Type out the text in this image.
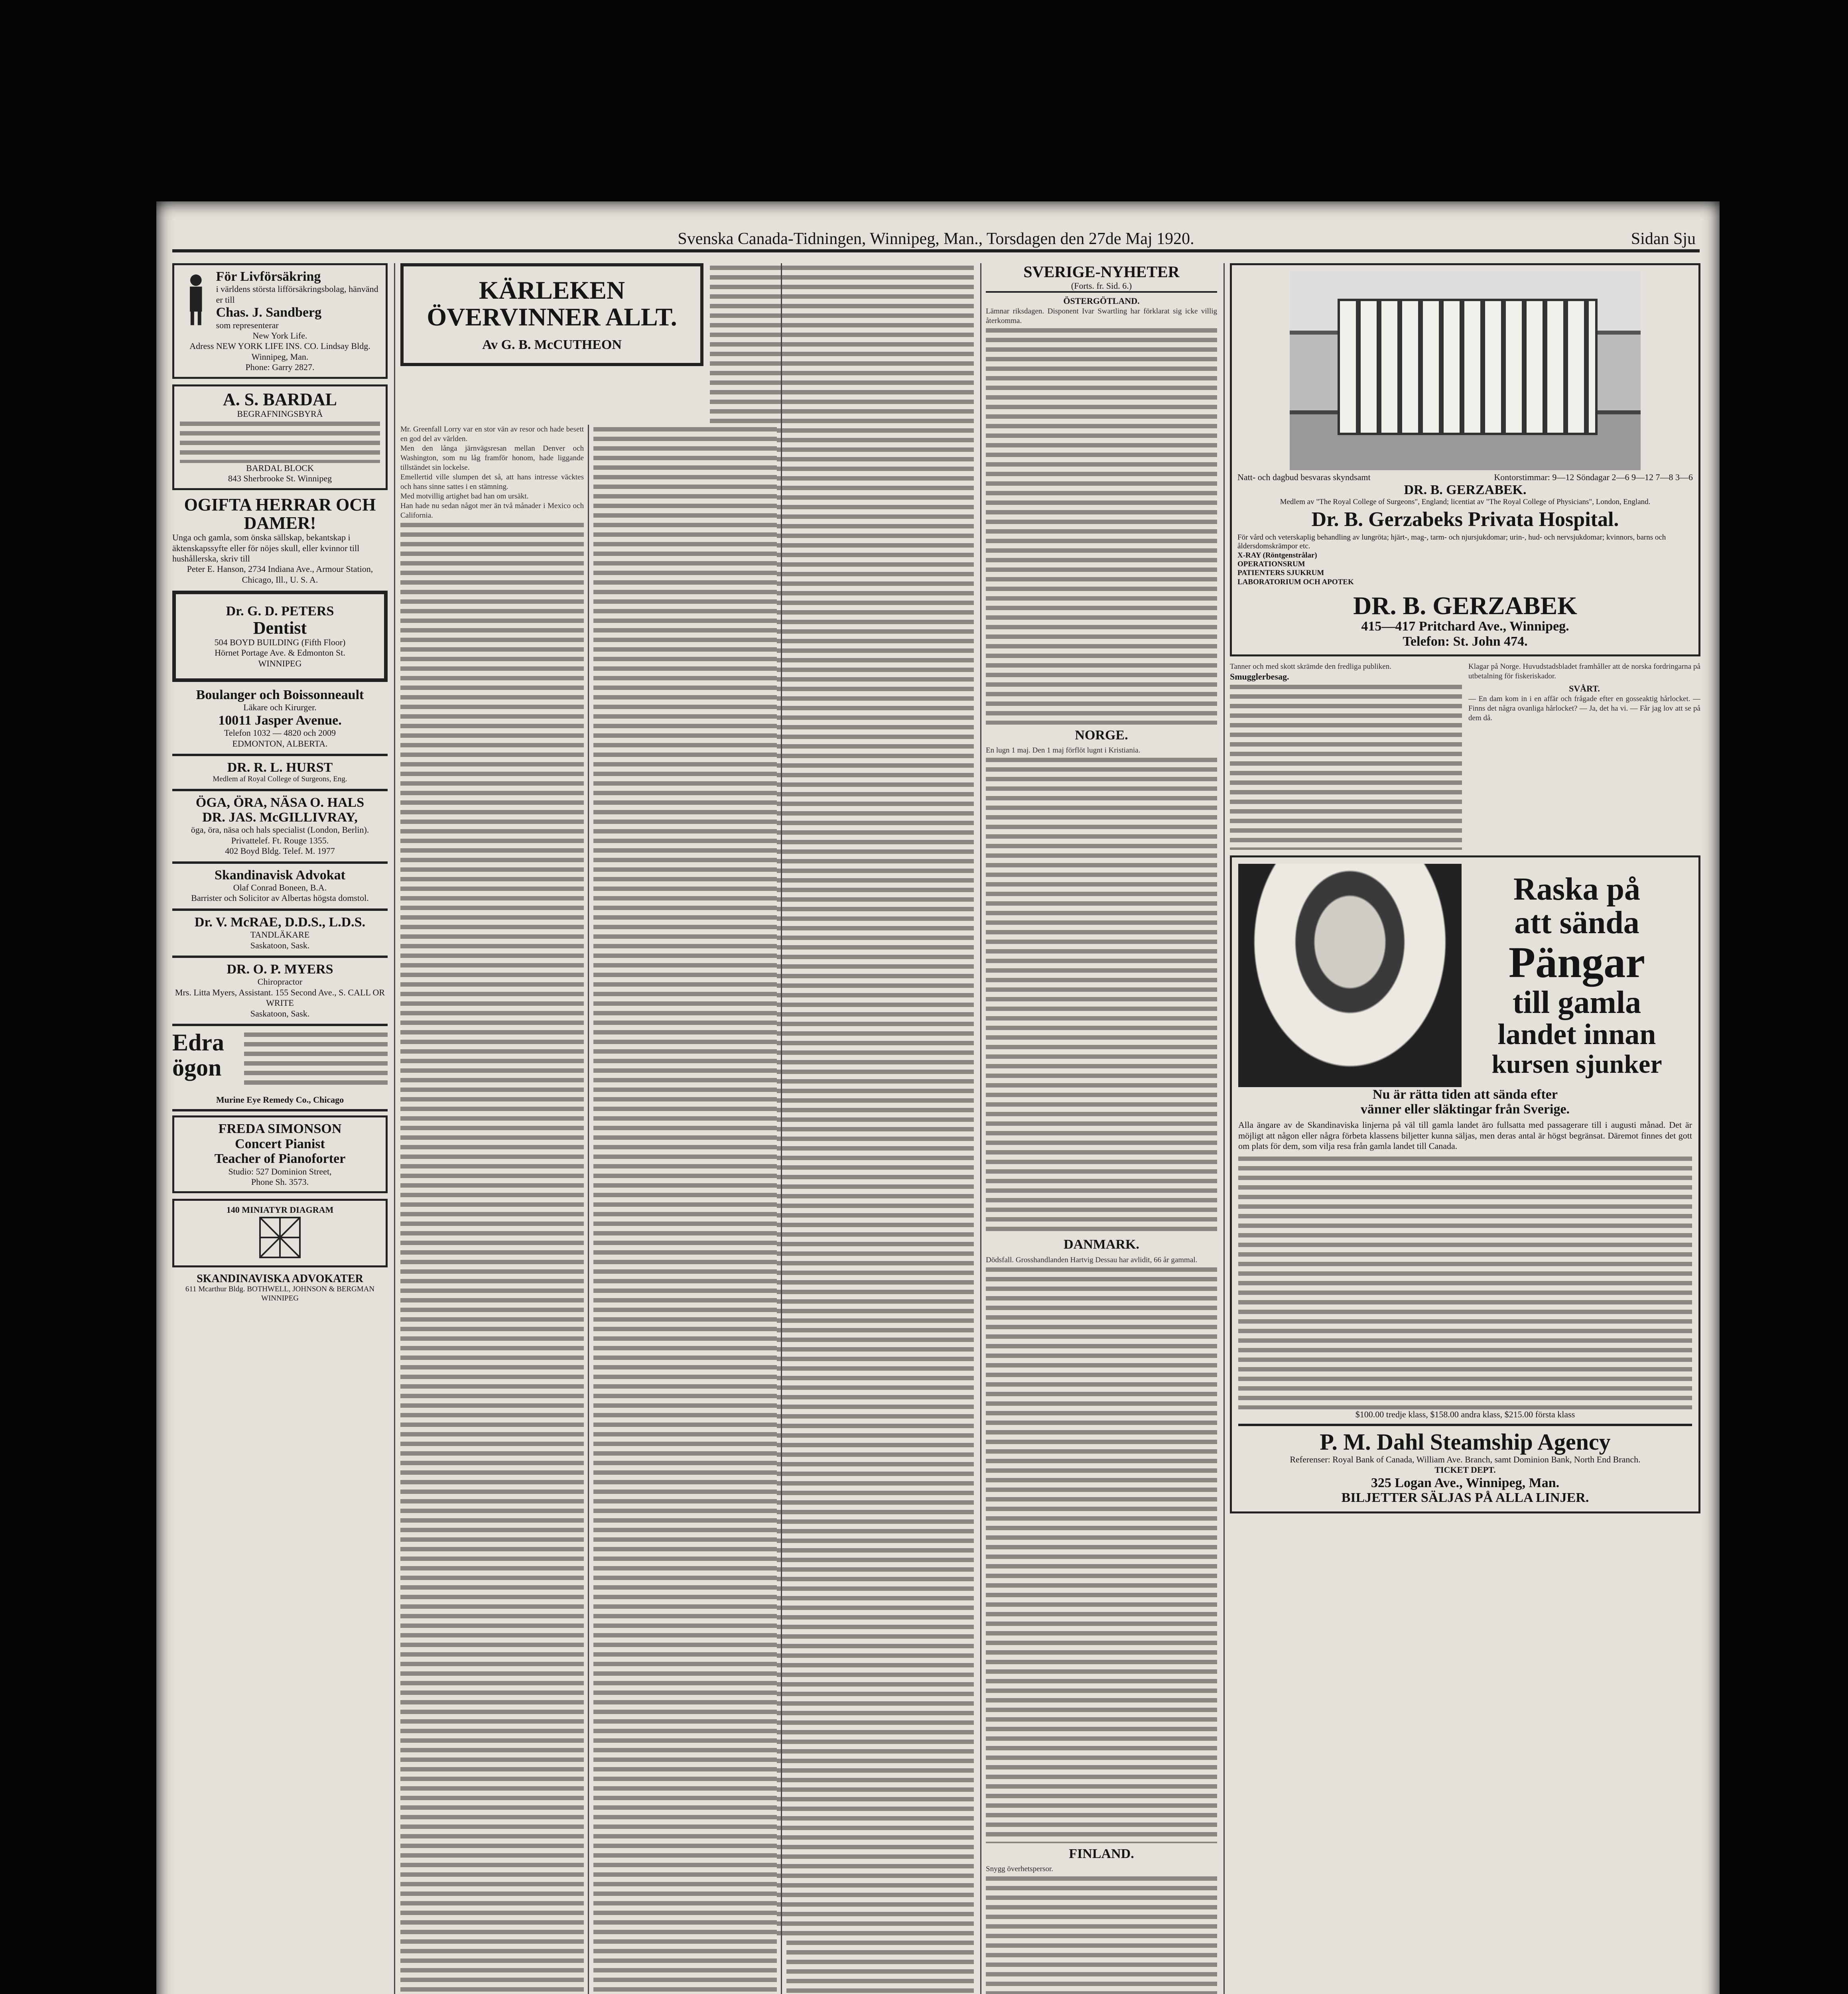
Svenska Canada-Tidningen, Winnipeg, Man., Torsdagen den 27de Maj 1920.	Sidan Sju
För Livförsäkring
i världens största lifförsäkringsbolag, hänvänd er till
Chas. J. Sandberg
som representerar
New York Life.
Adress NEW YORK LIFE INS. CO. Lindsay Bldg. Winnipeg, Man.
Phone: Garry 2827.
A. S. BARDAL
BEGRAFNINGSBYRÅ
BARDAL BLOCK
843 Sherbrooke St. Winnipeg
OGIFTA HERRAR OCH DAMER!
Unga och gamla, som önska sällskap, bekantskap i äktenskapssyfte eller för nöjes skull, eller kvinnor till hushållerska, skriv till
Peter E. Hanson, 2734 Indiana Ave., Armour Station, Chicago, Ill., U. S. A.
Dr. G. D. PETERS
Dentist
504 BOYD BUILDING (Fifth Floor)
Hörnet Portage Ave. & Edmonton St.
WINNIPEG
Boulanger och Boissonneault
Läkare och Kirurger.
10011 Jasper Avenue.
Telefon 1032 — 4820 och 2009
EDMONTON, ALBERTA.
DR. R. L. HURST
Medlem af Royal College of Surgeons, Eng.
ÖGA, ÖRA, NÄSA O. HALS
DR. JAS. McGILLIVRAY,
öga, öra, näsa och hals specialist (London, Berlin).
Privattelef. Ft. Rouge 1355.
402 Boyd Bldg. Telef. M. 1977
Skandinavisk Advokat
Olaf Conrad Boneen, B.A.
Barrister och Solicitor av Albertas högsta domstol.
Dr. V. McRAE, D.D.S., L.D.S.
TANDLÄKARE
Saskatoon, Sask.
DR. O. P. MYERS
Chiropractor
Mrs. Litta Myers, Assistant. 155 Second Ave., S. CALL OR WRITE
Saskatoon, Sask.
Edra ögon
Murine Eye Remedy Co., Chicago
FREDA SIMONSON
Concert Pianist
Teacher of Pianoforter
Studio: 527 Dominion Street,
Phone Sh. 3573.
140 MINIATYR DIAGRAM
SKANDINAVISKA ADVOKATER
611 Mcarthur Bldg. BOTHWELL, JOHNSON & BERGMAN
WINNIPEG
KÄRLEKEN ÖVERVINNER ALLT.
Av G. B. McCUTHEON
Mr. Greenfall Lorry var en stor vän av resor och hade besett en god del av världen.
Men den långa järnvägsresan mellan Denver och Washington, som nu låg framför honom, hade liggande tillständet sin lockelse.
Emellertid ville slumpen det så, att hans intresse väcktes och hans sinne sattes i en stämning.
Med motvillig artighet bad han om ursäkt.
Han hade nu sedan något mer än två månader i Mexico och California.
SVERIGE-NYHETER
(Forts. fr. Sid. 6.)
ÖSTERGÖTLAND.
Lämnar riksdagen. Disponent Ivar Swartling har förklarat sig icke villig återkomma.
NORGE.
En lugn 1 maj. Den 1 maj förflöt lugnt i Kristiania.
DANMARK.
Dödsfall. Grosshandlanden Hartvig Dessau har avlidit, 66 år gammal.
FINLAND.
Snygg överhetspersor.
Natt- och dagbud besvaras skyndsamt	Kontorstimmar: 9—12 Söndagar 2—6 9—12 7—8 3—6
DR. B. GERZABEK.
Medlem av "The Royal College of Surgeons", England; licentiat av "The Royal College of Physicians", London, England.
Dr. B. Gerzabeks Privata Hospital.
För vård och veterskaplig behandling av lungröta; hjärt-, mag-, tarm- och njursjukdomar; urin-, hud- och nervsjukdomar; kvinnors, barns och åldersdomskrämpor etc.
X-RAY (Röntgenstrålar)
OPERATIONSRUM
PATIENTERS SJUKRUM
LABORATORIUM OCH APOTEK
DR. B. GERZABEK
415—417 Pritchard Ave., Winnipeg.
Telefon: St. John 474.
Tanner och med skott skrämde den fredliga publiken.
Smugglerbesag.
Klagar på Norge. Huvudstadsbladet framhåller att de norska fordringarna på utbetalning för fiskeriskador.
SVÅRT.
— En dam kom in i en affär och frågade efter en gosseaktig hårlocket. — Finns det några ovanliga hårlocket? — Ja, det ha vi. — Får jag lov att se på dem då.
Raska på
att sända
Pängar
till gamla
landet innan
kursen sjunker
Nu är rätta tiden att sända efter
vänner eller släktingar från Sverige.
Alla ängare av de Skandinaviska linjerna på väl till gamla landet äro fullsatta med passagerare till i augusti månad. Det är möjligt att någon eller några förbeta klassens biljetter kunna säljas, men deras antal är högst begränsat. Däremot finnes det gott om plats för dem, som vilja resa från gamla landet till Canada.
$100.00 tredje klass, $158.00 andra klass, $215.00 första klass
P. M. Dahl Steamship Agency
Referenser: Royal Bank of Canada, William Ave. Branch, samt Dominion Bank, North End Branch.
TICKET DEPT.
325 Logan Ave., Winnipeg, Man.
BILJETTER SÄLJAS PÅ ALLA LINJER.
